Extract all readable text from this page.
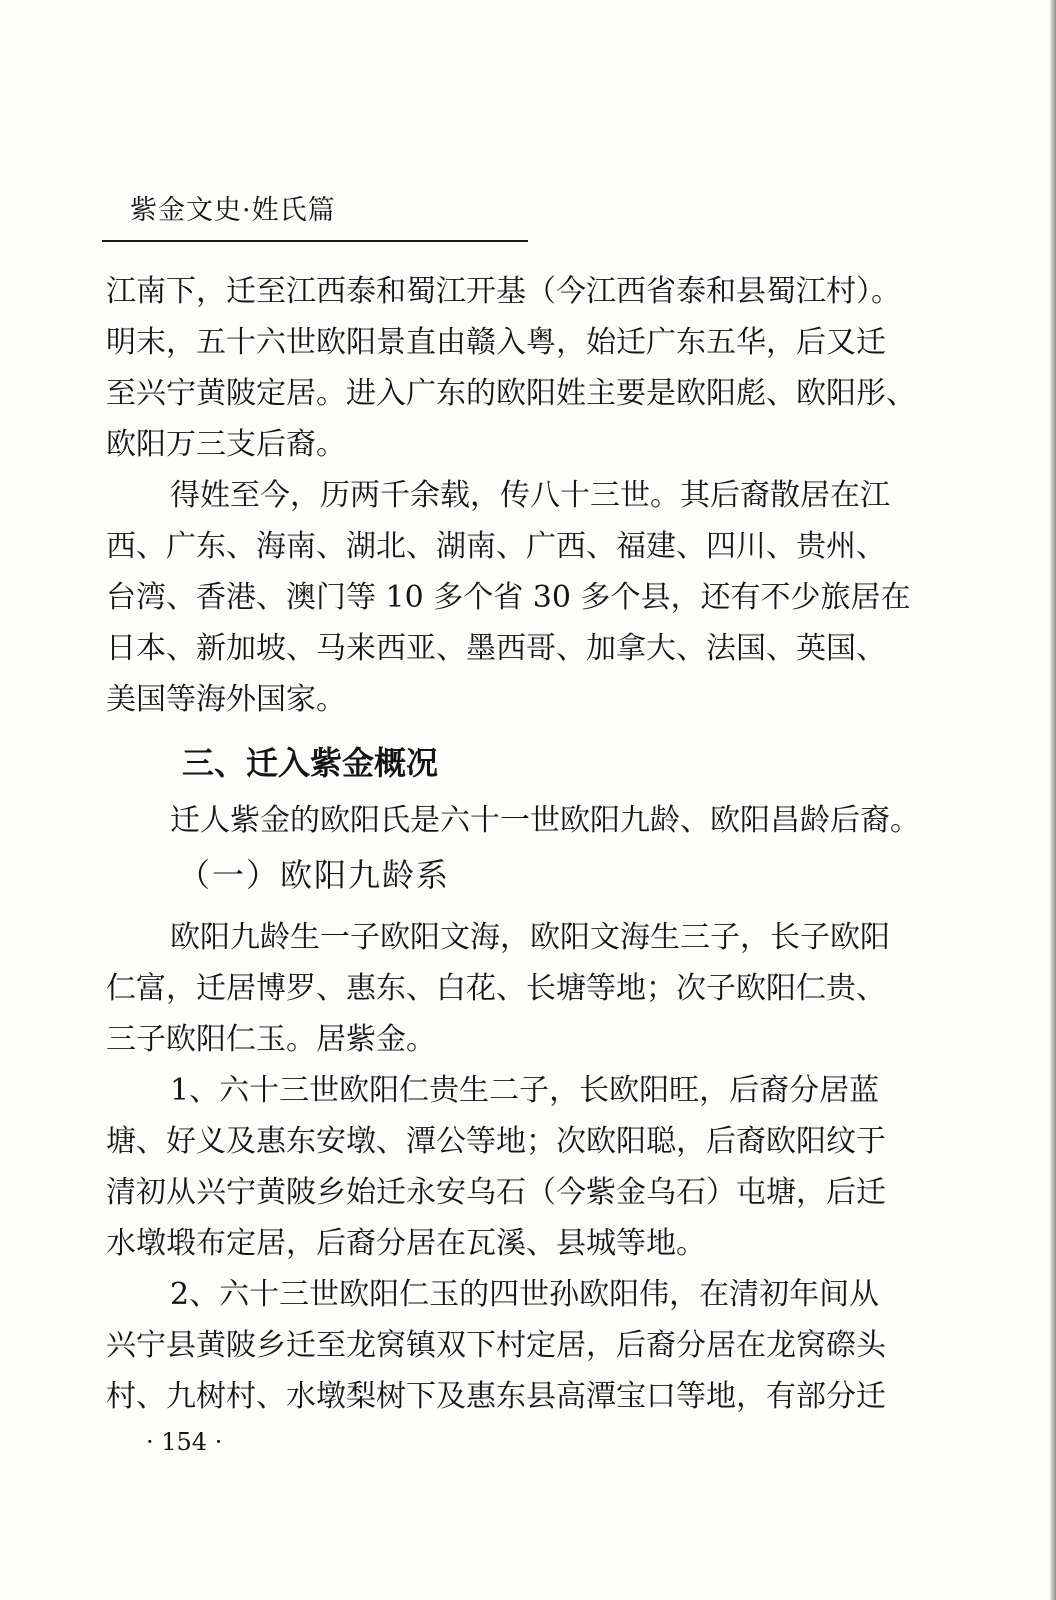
紫金文史·姓氏篇
江南下，迁至江西泰和蜀江开基（今江西省泰和县蜀江村）。
明末，五十六世欧阳景直由赣入粤，始迁广东五华，后又迁
至兴宁黄陂定居。进入广东的欧阳姓主要是欧阳彪、欧阳彤、
欧阳万三支后裔。
得姓至今，历两千余载，传八十三世。其后裔散居在江
西、广东、海南、湖北、湖南、广西、福建、四川、贵州、
台湾、香港、澳门等 10 多个省 30 多个县，还有不少旅居在
日本、新加坡、马来西亚、墨西哥、加拿大、法国、英国、
美国等海外国家。
三、迁入紫金概况
迁人紫金的欧阳氏是六十一世欧阳九龄、欧阳昌龄后裔。
（一）欧阳九龄系
欧阳九龄生一子欧阳文海，欧阳文海生三子，长子欧阳
仁富，迁居博罗、惠东、白花、长塘等地；次子欧阳仁贵、
三子欧阳仁玉。居紫金。
1、六十三世欧阳仁贵生二子，长欧阳旺，后裔分居蓝
塘、好义及惠东安墩、潭公等地；次欧阳聪，后裔欧阳纹于
清初从兴宁黄陂乡始迁永安乌石（今紫金乌石）屯塘，后迁
水墩塅布定居，后裔分居在瓦溪、县城等地。
2、六十三世欧阳仁玉的四世孙欧阳伟，在清初年间从
兴宁县黄陂乡迁至龙窝镇双下村定居，后裔分居在龙窝磜头
村、九树村、水墩梨树下及惠东县高潭宝口等地，有部分迁
· 154 ·
